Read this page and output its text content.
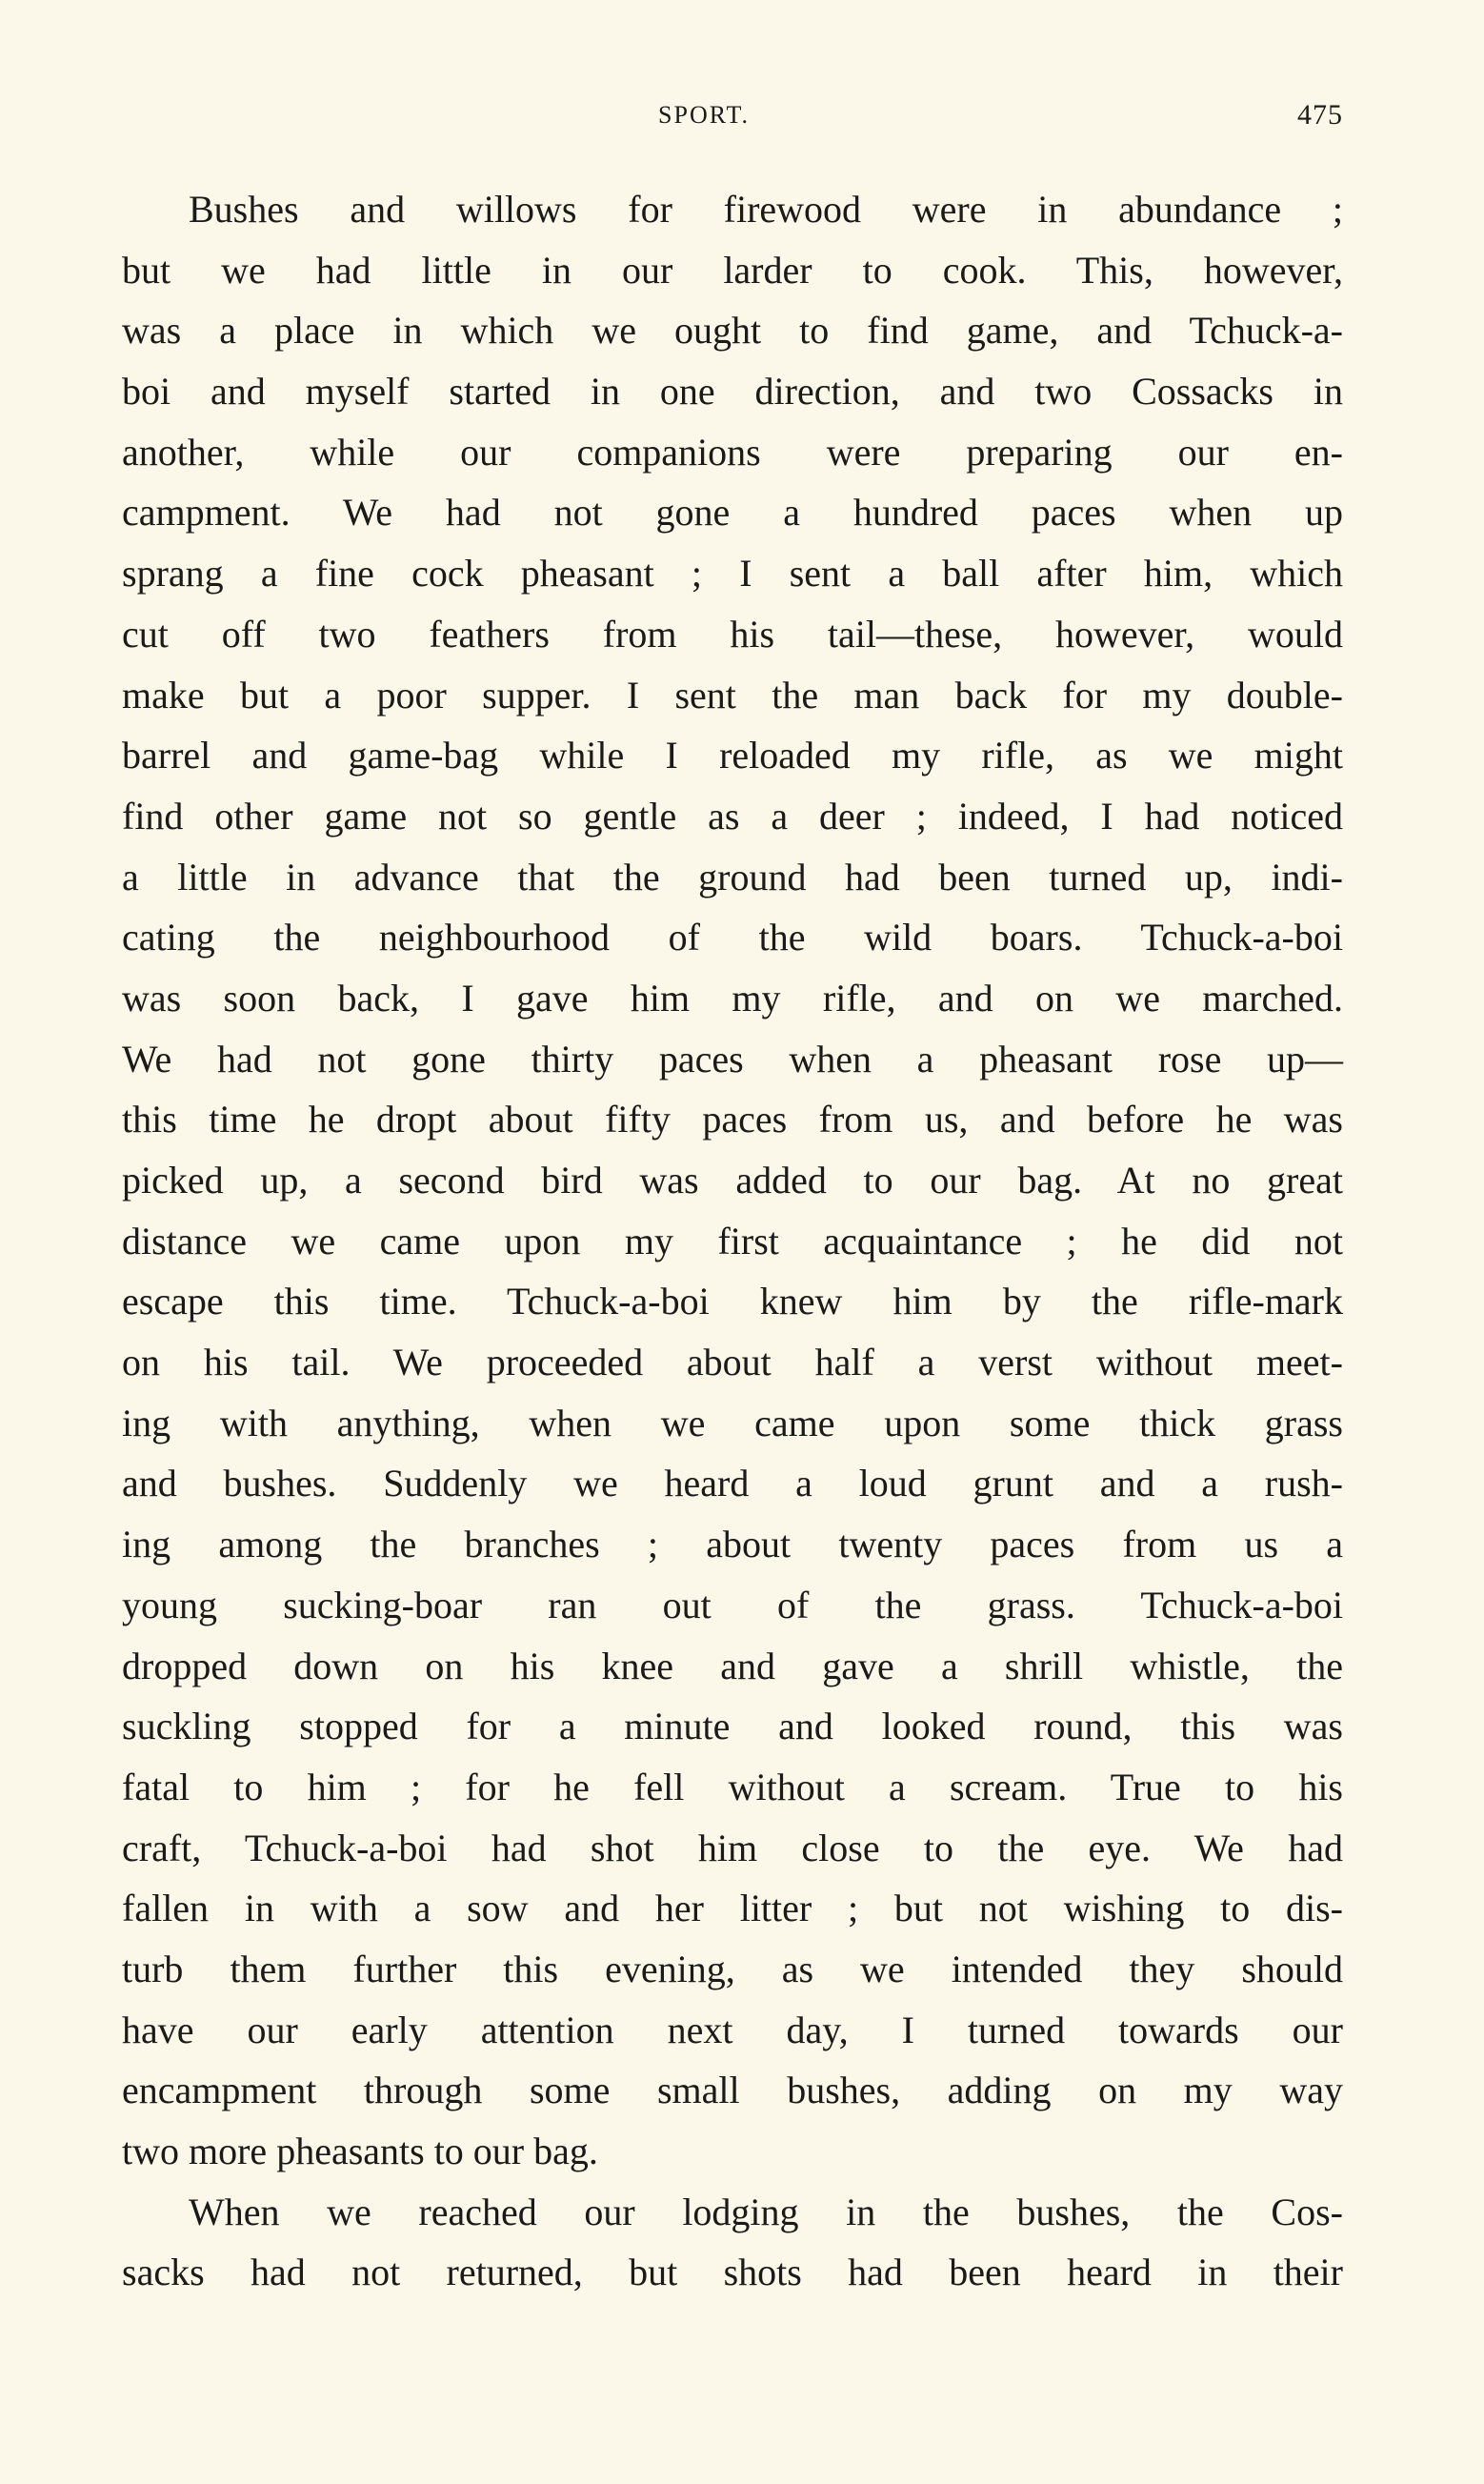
SPORT.	475
Bushes and willows for firewood were in abundance ;
but we had little in our larder to cook. This, however,
was a place in which we ought to find game, and Tchuck-a-
boi and myself started in one direction, and two Cossacks in
another, while our companions were preparing our en-
campment. We had not gone a hundred paces when up
sprang a fine cock pheasant ; I sent a ball after him, which
cut off two feathers from his tail—these, however, would
make but a poor supper. I sent the man back for my double-
barrel and game-bag while I reloaded my rifle, as we might
find other game not so gentle as a deer ; indeed, I had noticed
a little in advance that the ground had been turned up, indi-
cating the neighbourhood of the wild boars. Tchuck-a-boi
was soon back, I gave him my rifle, and on we marched.
We had not gone thirty paces when a pheasant rose up—
this time he dropt about fifty paces from us, and before he was
picked up, a second bird was added to our bag. At no great
distance we came upon my first acquaintance ; he did not
escape this time. Tchuck-a-boi knew him by the rifle-mark
on his tail. We proceeded about half a verst without meet-
ing with anything, when we came upon some thick grass
and bushes. Suddenly we heard a loud grunt and a rush-
ing among the branches ; about twenty paces from us a
young sucking-boar ran out of the grass. Tchuck-a-boi
dropped down on his knee and gave a shrill whistle, the
suckling stopped for a minute and looked round, this was
fatal to him ; for he fell without a scream. True to his
craft, Tchuck-a-boi had shot him close to the eye. We had
fallen in with a sow and her litter ; but not wishing to dis-
turb them further this evening, as we intended they should
have our early attention next day, I turned towards our
encampment through some small bushes, adding on my way
two more pheasants to our bag.
When we reached our lodging in the bushes, the Cos-
sacks had not returned, but shots had been heard in their
